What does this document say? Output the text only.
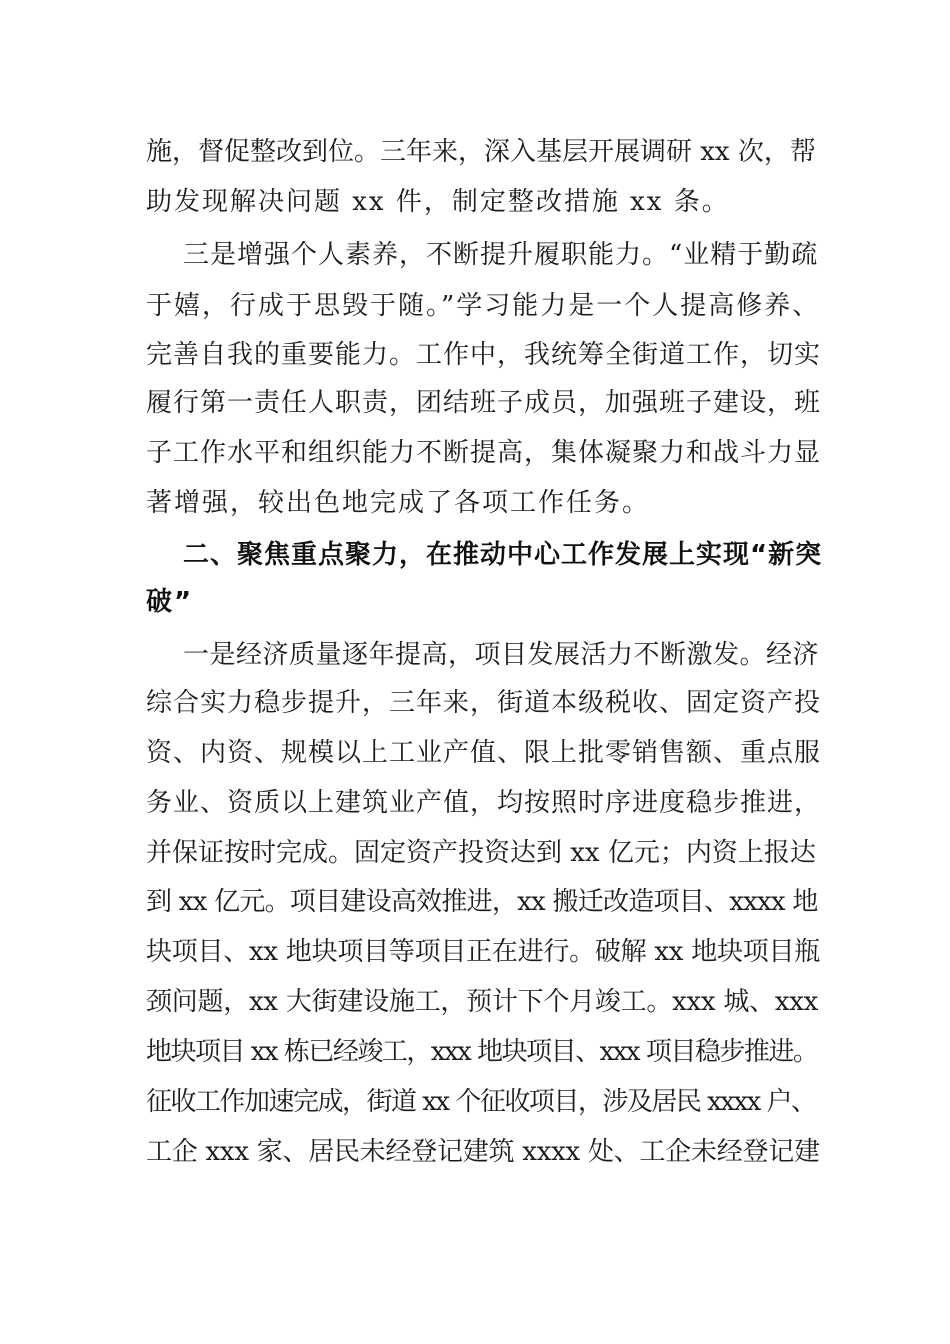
施，督促整改到位。三年来，深入基层开展调研 xx 次，帮
助发现解决问题 xx 件，制定整改措施 xx 条。
三是增强个人素养，不断提升履职能力。“业精于勤疏
于嬉，行成于思毁于随。”学习能力是一个人提高修养、
完善自我的重要能力。工作中，我统筹全街道工作，切实
履行第一责任人职责，团结班子成员，加强班子建设，班
子工作水平和组织能力不断提高，集体凝聚力和战斗力显
著增强，较出色地完成了各项工作任务。
二、聚焦重点聚力，在推动中心工作发展上实现“新突
破”
一是经济质量逐年提高，项目发展活力不断激发。经济
综合实力稳步提升，三年来，街道本级税收、固定资产投
资、内资、规模以上工业产值、限上批零销售额、重点服
务业、资质以上建筑业产值，均按照时序进度稳步推进，
并保证按时完成。固定资产投资达到 xx 亿元；内资上报达
到 xx 亿元。项目建设高效推进，xx 搬迁改造项目、xxxx 地
块项目、xx 地块项目等项目正在进行。破解 xx 地块项目瓶
颈问题，xx 大街建设施工，预计下个月竣工。xxx 城、xxx
地块项目 xx 栋已经竣工，xxx 地块项目、xxx 项目稳步推进。
征收工作加速完成，街道 xx 个征收项目，涉及居民 xxxx 户、
工企 xxx 家、居民未经登记建筑 xxxx 处、工企未经登记建
